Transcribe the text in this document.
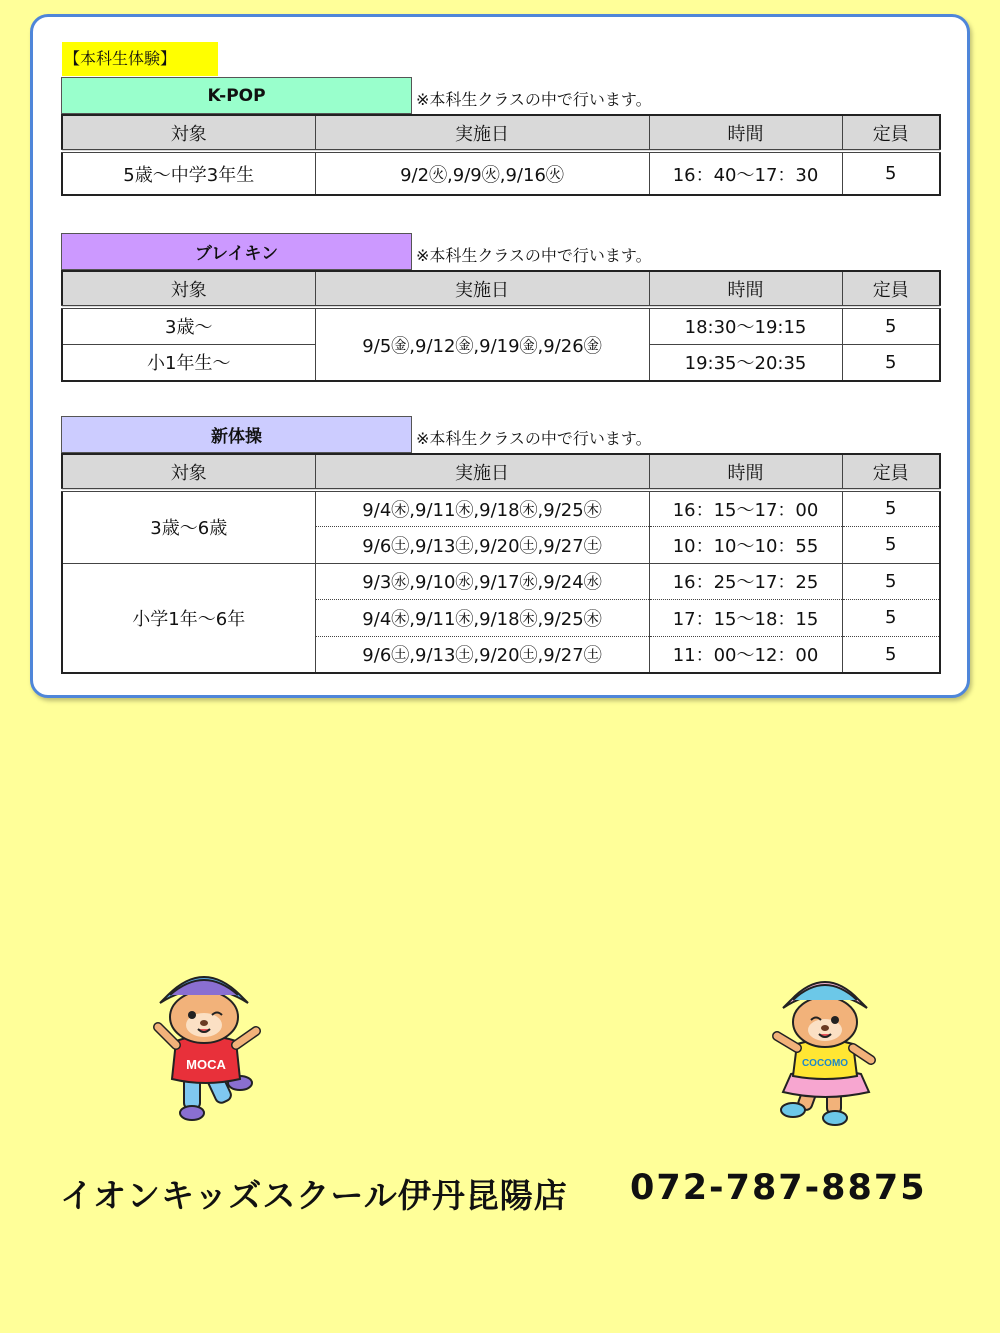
【本科生体験】
K-POP	※本科生クラスの中で行います。
対象	実施日	時間	定員
5歳〜中学3年生	9/2㊋,9/9㊋,9/16㊋	16：40〜17：30	5
ブレイキン	※本科生クラスの中で行います。
対象	実施日	時間	定員
3歳〜	9/5㊎,9/12㊎,9/19㊎,9/26㊎	18:30〜19:15	5
小1年生〜		19:35〜20:35	5
新体操	※本科生クラスの中で行います。
対象	実施日	時間	定員
3歳〜6歳	9/4㊍,9/11㊍,9/18㊍,9/25㊍	16：15〜17：00	5
	9/6㊏,9/13㊏,9/20㊏,9/27㊏	10：10〜10：55	5
小学1年〜6年	9/3㊌,9/10㊌,9/17㊌,9/24㊌	16：25〜17：25	5
	9/4㊍,9/11㊍,9/18㊍,9/25㊍	17：15〜18：15	5
	9/6㊏,9/13㊏,9/20㊏,9/27㊏	11：00〜12：00	5
MOCA	COCOMO
イオンキッズスクール伊丹昆陽店 072-787-8875
